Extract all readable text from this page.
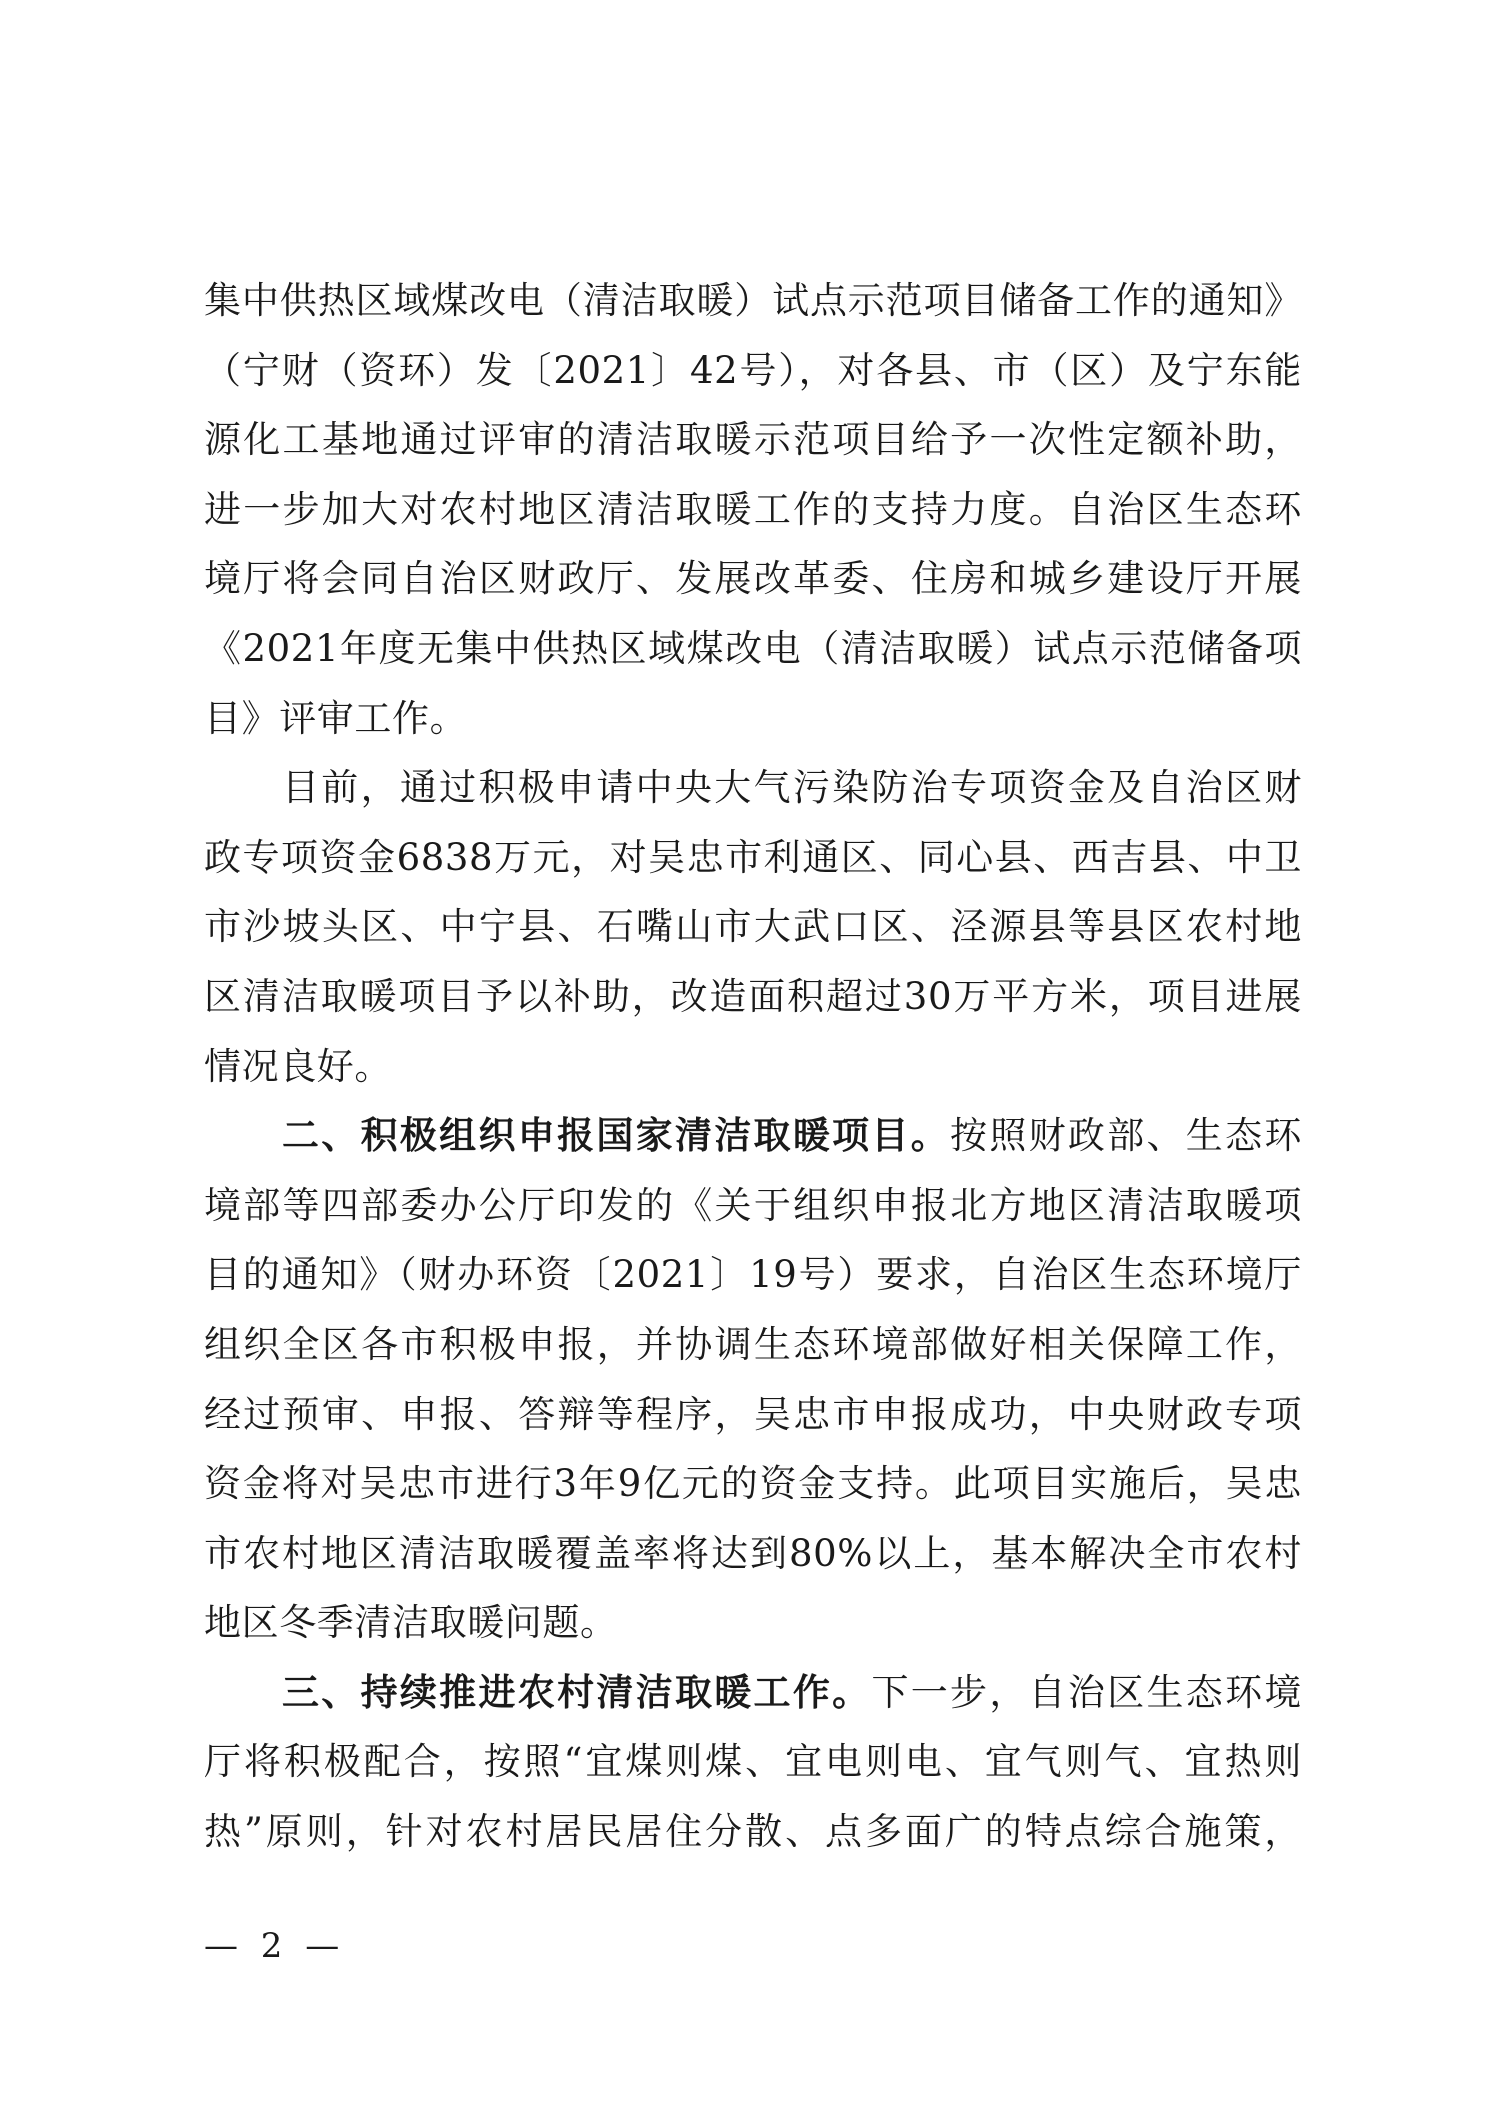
集中供热区域煤改电（清洁取暖）试点示范项目储备工作的通知》
（宁财（资环）发〔2021〕42号），对各县、市（区）及宁东能
源化工基地通过评审的清洁取暖示范项目给予一次性定额补助，
进一步加大对农村地区清洁取暖工作的支持力度。自治区生态环
境厅将会同自治区财政厅、发展改革委、住房和城乡建设厅开展
《2021年度无集中供热区域煤改电（清洁取暖）试点示范储备项
目》评审工作。
目前，通过积极申请中央大气污染防治专项资金及自治区财
政专项资金6838万元，对吴忠市利通区、同心县、西吉县、中卫
市沙坡头区、中宁县、石嘴山市大武口区、泾源县等县区农村地
区清洁取暖项目予以补助，改造面积超过30万平方米，项目进展
情况良好。
二、积极组织申报国家清洁取暖项目。按照财政部、生态环
境部等四部委办公厅印发的《关于组织申报北方地区清洁取暖项
目的通知》（财办环资〔2021〕19号）要求，自治区生态环境厅
组织全区各市积极申报，并协调生态环境部做好相关保障工作，
经过预审、申报、答辩等程序，吴忠市申报成功，中央财政专项
资金将对吴忠市进行3年9亿元的资金支持。此项目实施后，吴忠
市农村地区清洁取暖覆盖率将达到80%以上，基本解决全市农村
地区冬季清洁取暖问题。
三、持续推进农村清洁取暖工作。下一步，自治区生态环境
厅将积极配合，按照“宜煤则煤、宜电则电、宜气则气、宜热则
热”原则，针对农村居民居住分散、点多面广的特点综合施策，
— 2 —
